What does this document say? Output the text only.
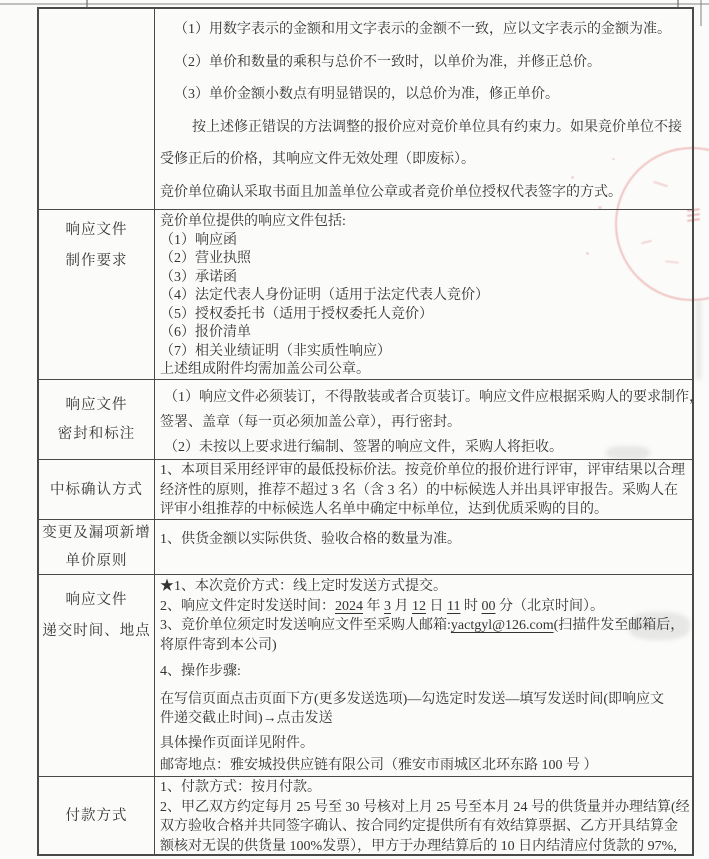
（1）用数字表示的金额和用文字表示的金额不一致，应以文字表示的金额为准。
（2）单价和数量的乘积与总价不一致时，以单价为准，并修正总价。
（3）单价金额小数点有明显错误的，以总价为准，修正单价。
按上述修正错误的方法调整的报价应对竞价单位具有约束力。如果竞价单位不接
受修正后的价格，其响应文件无效处理（即废标）。
竞价单位确认采取书面且加盖单位公章或者竞价单位授权代表签字的方式。
响应文件
制作要求
竞价单位提供的响应文件包括:
（1）响应函
（2）营业执照
（3）承诺函
（4）法定代表人身份证明（适用于法定代表人竞价）
（5）授权委托书（适用于授权委托人竞价）
（6）报价清单
（7）相关业绩证明（非实质性响应）
上述组成附件均需加盖公司公章。
响应文件
密封和标注
（1）响应文件必须装订，不得散装或者合页装订。响应文件应根据采购人的要求制作，
签署、盖章（每一页必须加盖公章），再行密封。
（2）未按以上要求进行编制、签署的响应文件，采购人将拒收。
中标确认方式
1、本项目采用经评审的最低投标价法。按竞价单位的报价进行评审，评审结果以合理
经济性的原则，推荐不超过 3 名（含 3 名）的中标候选人并出具评审报告。采购人在
评审小组推荐的中标候选人名单中确定中标单位，达到优质采购的目的。
变更及漏项新增
单价原则
1、供货金额以实际供货、验收合格的数量为准。
响应文件
递交时间、地点
★1、本次竞价方式：线上定时发送方式提交。
2、响应文件定时发送时间：2024 年 3 月 12 日 11 时 00 分（北京时间）。
3、竞价单位须定时发送响应文件至采购人邮箱:yactgyl@126.com(扫描件发至邮箱后，
将原件寄到本公司)
4、操作步骤:
在写信页面点击页面下方(更多发送选项)—勾选定时发送—填写发送时间(即响应文
件递交截止时间)→点击发送
具体操作页面详见附件。
邮寄地点：雅安城投供应链有限公司（雅安市雨城区北环东路 100 号 ）
付款方式
1、付款方式：按月付款。
2、甲乙双方约定每月 25 号至 30 号核对上月 25 号至本月 24 号的供货量并办理结算(经
双方验收合格并共同签字确认、按合同约定提供所有有效结算票据、乙方开具结算金
额核对无误的供货量 100%发票），甲方于办理结算后的 10 日内结清应付货款的 97%,
